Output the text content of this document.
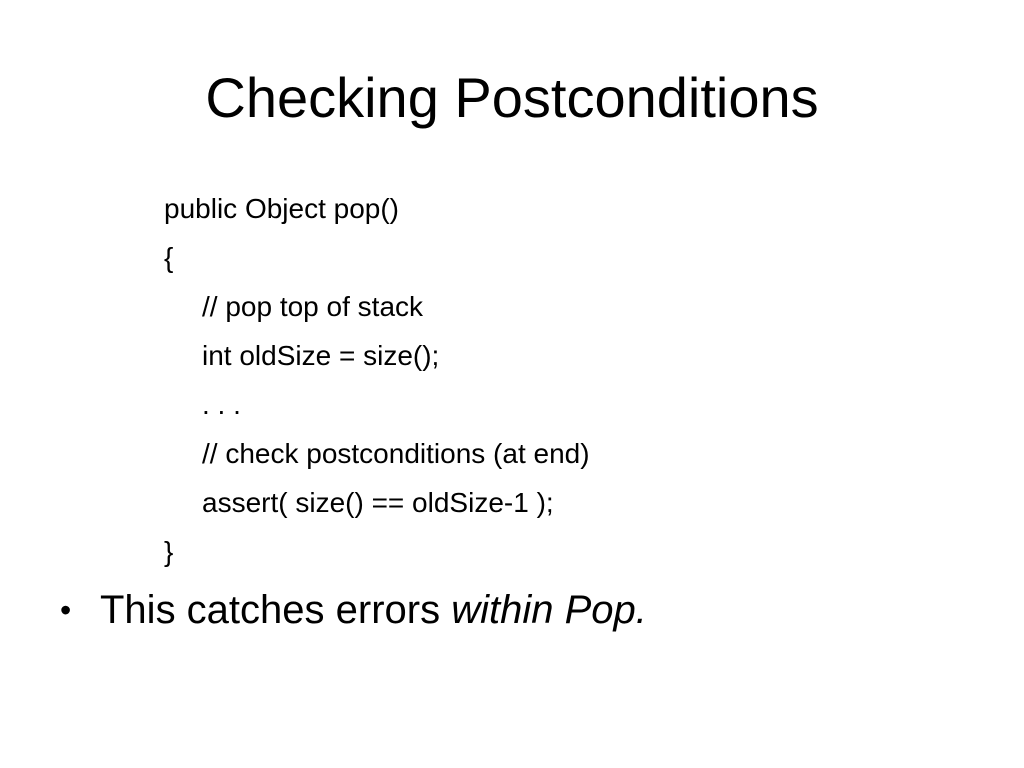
Checking Postconditions
public Object pop()
{
// pop top of stack
int oldSize = size();
. . .
// check postconditions (at end)
assert( size() == oldSize-1 );
}
• This catches errors within Pop.
